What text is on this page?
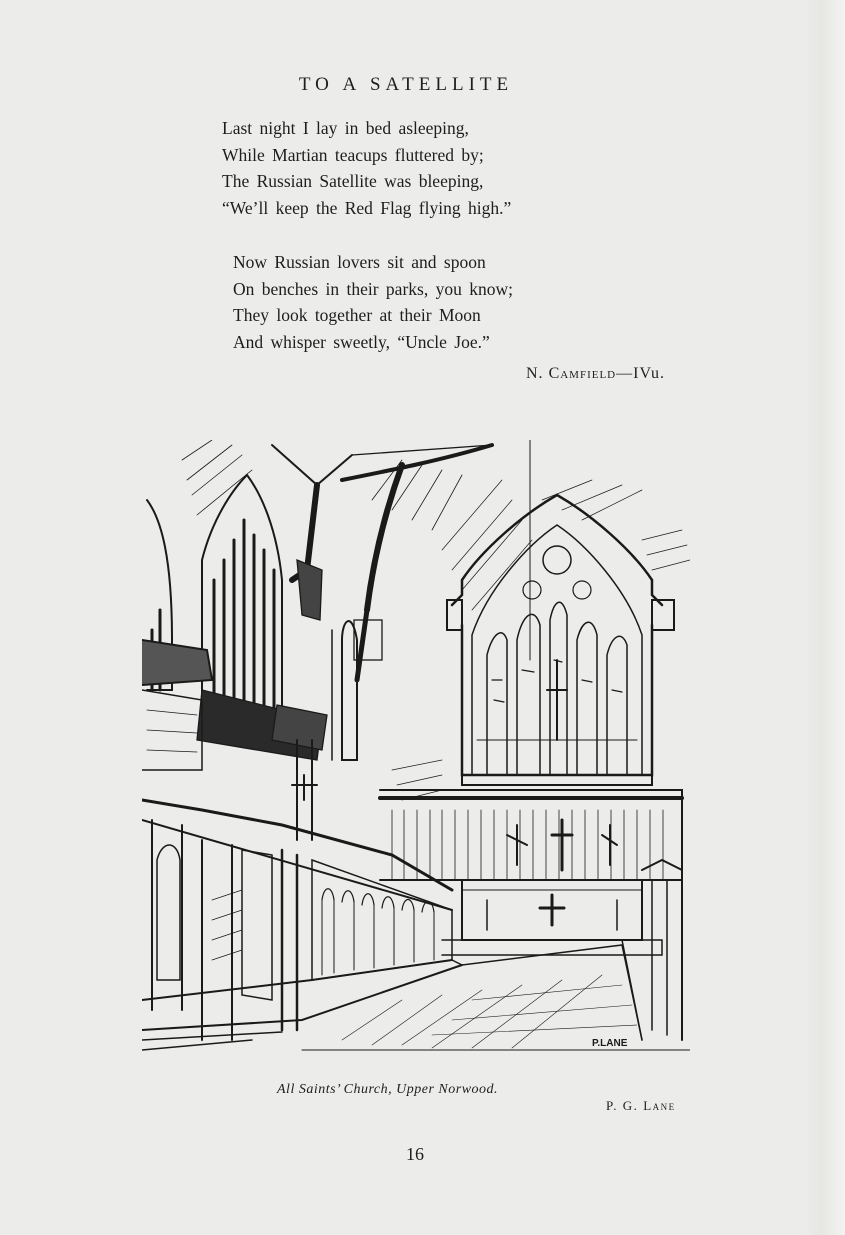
TO A SATELLITE
Last night I lay in bed asleeping,
While Martian teacups fluttered by;
The Russian Satellite was bleeping,
“We’ll keep the Red Flag flying high.”
Now Russian lovers sit and spoon
On benches in their parks, you know;
They look together at their Moon
And whisper sweetly, “Uncle Joe.”
N. Camfield—IVu.
P.LANE
All Saints’ Church, Upper Norwood.
P. G. Lane
16
